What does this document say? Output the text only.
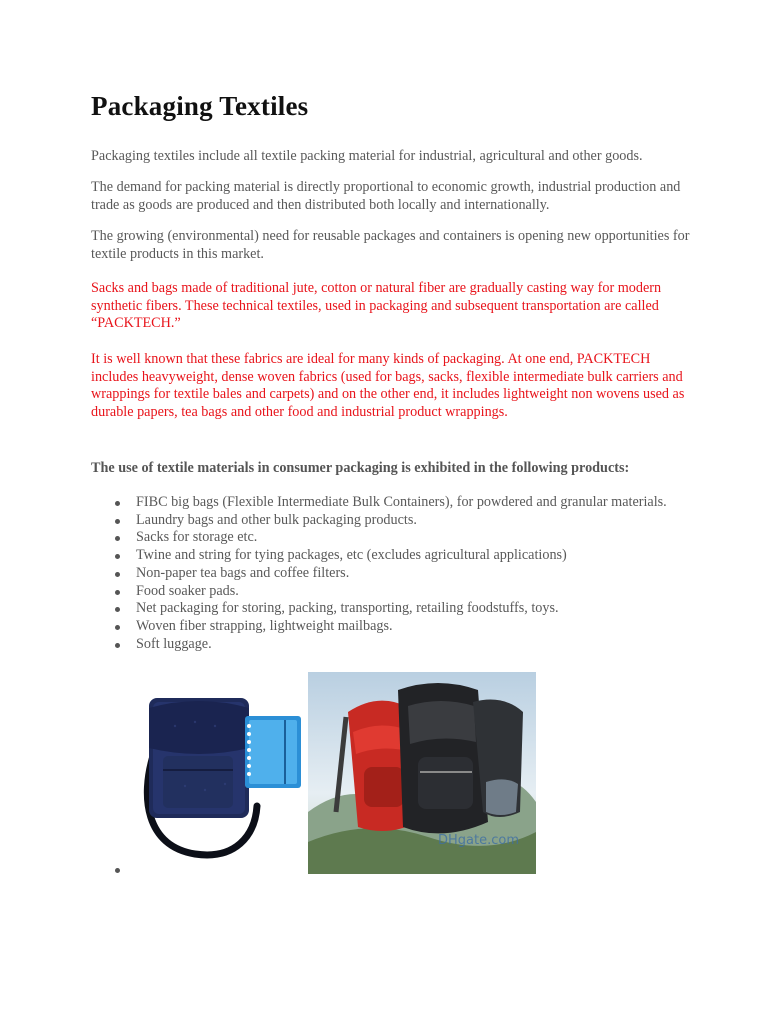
Packaging Textiles

Packaging textiles include all textile packing material for industrial, agricultural and other goods.

The demand for packing material is directly proportional to economic growth, industrial production and trade as goods are produced and then distributed both locally and internationally.

The growing (environmental) need for reusable packages and containers is opening new opportunities for textile products in this market.

Sacks and bags made of traditional jute, cotton or natural fiber are gradually casting way for modern synthetic fibers. These technical textiles, used in packaging and subsequent transportation are called “PACKTECH.”

It is well known that these fabrics are ideal for many kinds of packaging. At one end, PACKTECH includes heavyweight, dense woven fabrics (used for bags, sacks, flexible intermediate bulk carriers and wrappings for textile bales and carpets) and on the other end, it includes lightweight non wovens used as durable papers, tea bags and other food and industrial product wrappings.

The use of textile materials in consumer packaging is exhibited in the following products:

FIBC big bags (Flexible Intermediate Bulk Containers), for powdered and granular materials.
Laundry bags and other bulk packaging products.
Sacks for storage etc.
Twine and string for tying packages, etc (excludes agricultural applications)
Non-paper tea bags and coffee filters.
Food soaker pads.
Net packaging for storing, packing, transporting, retailing foodstuffs, toys.
Woven fiber strapping, lightweight mailbags.
Soft luggage.
DHgate.com
